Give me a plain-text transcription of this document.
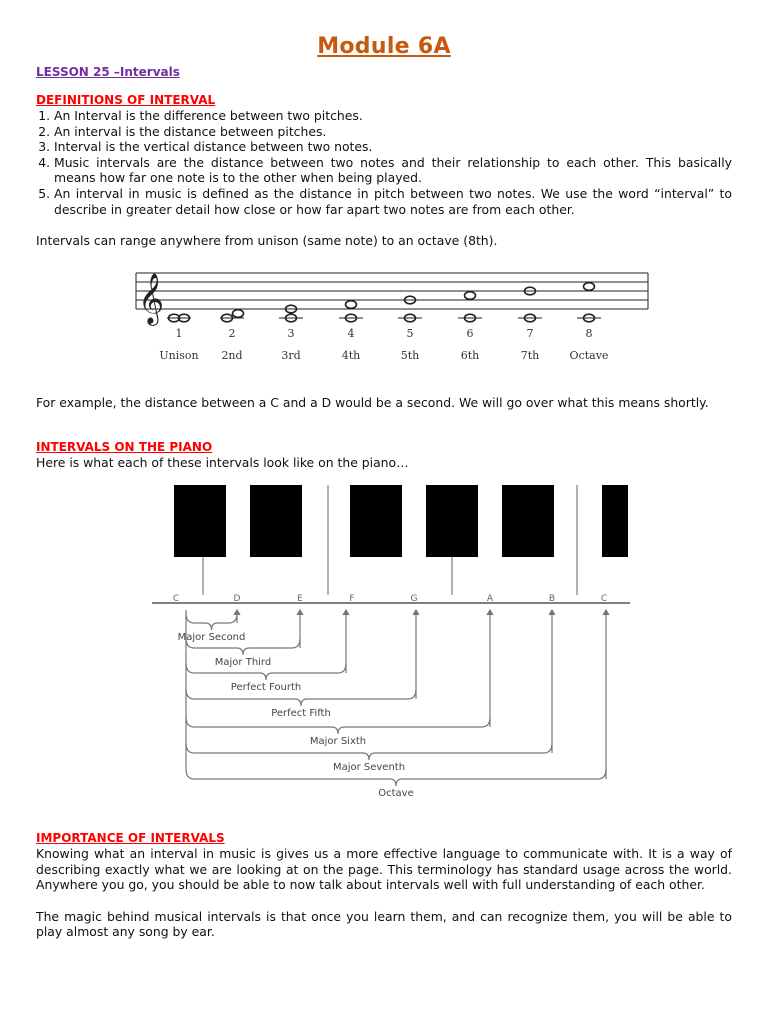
Module 6A
LESSON 25 –Intervals
DEFINITIONS OF INTERVAL
1. An Interval is the difference between two pitches.
2. An interval is the distance between pitches.
3. Interval is the vertical distance between two notes.
4. Music intervals are the distance between two notes and their relationship to each other. This basically means how far one note is to the other when being played.
5. An interval in music is defined as the distance in pitch between two notes. We use the word “interval” to describe in greater detail how close or how far apart two notes are from each other.

Intervals can range anywhere from unison (same note) to an octave (8th).

𝄞
1
Unison
2
2nd
3
3rd
4
4th
5
5th
6
6th
7
7th
8
Octave

For example, the distance between a C and a D would be a second. We will go over what this means shortly.

INTERVALS ON THE PIANO

Here is what each of these intervals look like on the piano…

C	D	E	F	G	A	B	C
Major Second
Major Third
Perfect Fourth
Perfect Fifth
Major Sixth
Major Seventh
Octave
IMPORTANCE OF INTERVALS

Knowing what an interval in music is gives us a more effective language to communicate with. It is a way of describing exactly what we are looking at on the page. This terminology has standard usage across the world. Anywhere you go, you should be able to now talk about intervals well with full understanding of each other.

The magic behind musical intervals is that once you learn them, and can recognize them, you will be able to play almost any song by ear.
